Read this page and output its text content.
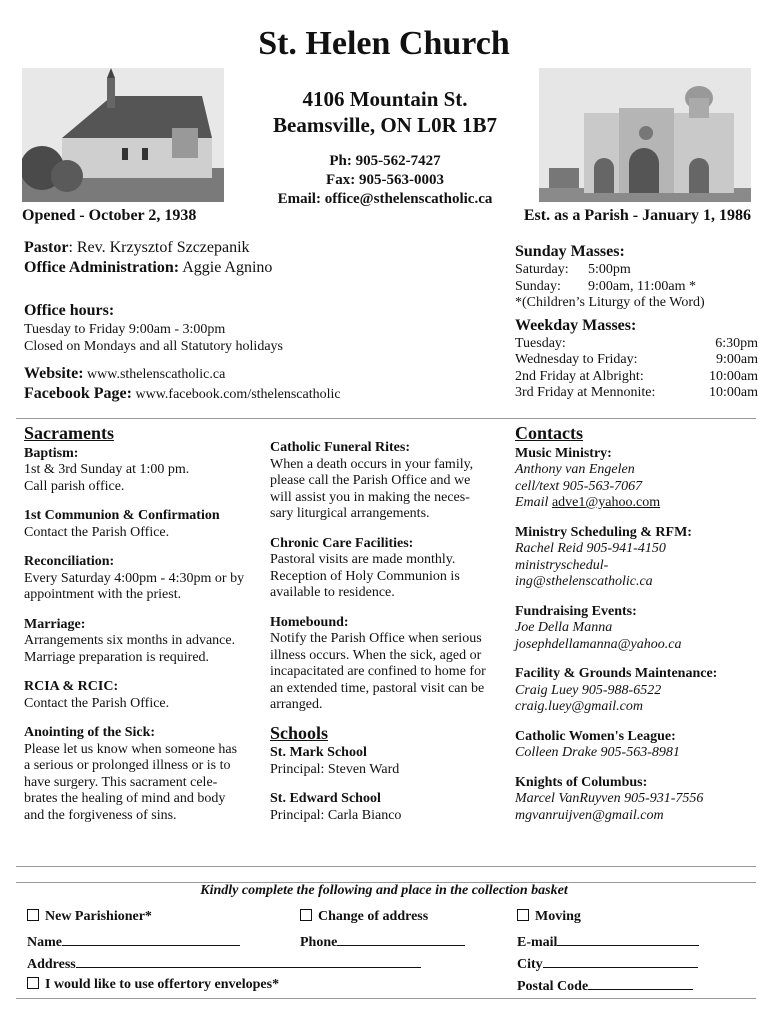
St. Helen Church
4106 Mountain St.
Beamsville, ON L0R 1B7
Ph: 905-562-7427
Fax: 905-563-0003
Email: office@sthelenscatholic.ca
Opened - October 2, 1938	Est. as a Parish - January 1, 1986
Pastor: Rev. Krzysztof Szczepanik
Office Administration: Aggie Agnino
Office hours:
Tuesday to Friday 9:00am - 3:00pm
Closed on Mondays and all Statutory holidays
Website: www.sthelenscatholic.ca
Facebook Page: www.facebook.com/sthelenscatholic
Sunday Masses:
Saturday:	5:00pm
Sunday:	9:00am, 11:00am *
*(Children’s Liturgy of the Word)
Weekday Masses:
Tuesday:	6:30pm
Wednesday to Friday:	9:00am
2nd Friday at Albright:	10:00am
3rd Friday at Mennonite:	10:00am
Sacraments

Baptism:

1st & 3rd Sunday at 1:00 pm.

Call parish office.

1st Communion & Confirmation

Contact the Parish Office.

Reconciliation:

Every Saturday 4:00pm - 4:30pm or by

appointment with the priest.

Marriage:

Arrangements six months in advance.

Marriage preparation is required.

RCIA & RCIC:

Contact the Parish Office.

Anointing of the Sick:

Please let us know when someone has

a serious or prolonged illness or is to

have surgery. This sacrament cele-

brates the healing of mind and body

and the forgiveness of sins.

Catholic Funeral Rites:

When a death occurs in your family,

please call the Parish Office and we

will assist you in making the neces-

sary liturgical arrangements.

Chronic Care Facilities:

Pastoral visits are made monthly.

Reception of Holy Communion is

available to residence.

Homebound:

Notify the Parish Office when serious

illness occurs. When the sick, aged or

incapacitated are confined to home for

an extended time, pastoral visit can be

arranged.

Schools

St. Mark School

Principal: Steven Ward

St. Edward School

Principal: Carla Bianco

Contacts

Music Ministry:

Anthony van Engelen

cell/text 905-563-7067

Email adve1@yahoo.com

Ministry Scheduling & RFM:

Rachel Reid 905-941-4150

ministryschedul-

ing@sthelenscatholic.ca

Fundraising Events:

Joe Della Manna

josephdellamanna@yahoo.ca

Facility & Grounds Maintenance:

Craig Luey 905-988-6522

craig.luey@gmail.com

Catholic Women's League:

Colleen Drake 905-563-8981

Knights of Columbus:

Marcel VanRuyven 905-931-7556

mgvanruijven@gmail.com

Kindly complete the following and place in the collection basket
New Parishioner*	Change of address	Moving
Name	Phone	E-mail
Address	City
I would like to use offertory envelopes*	Postal Code
